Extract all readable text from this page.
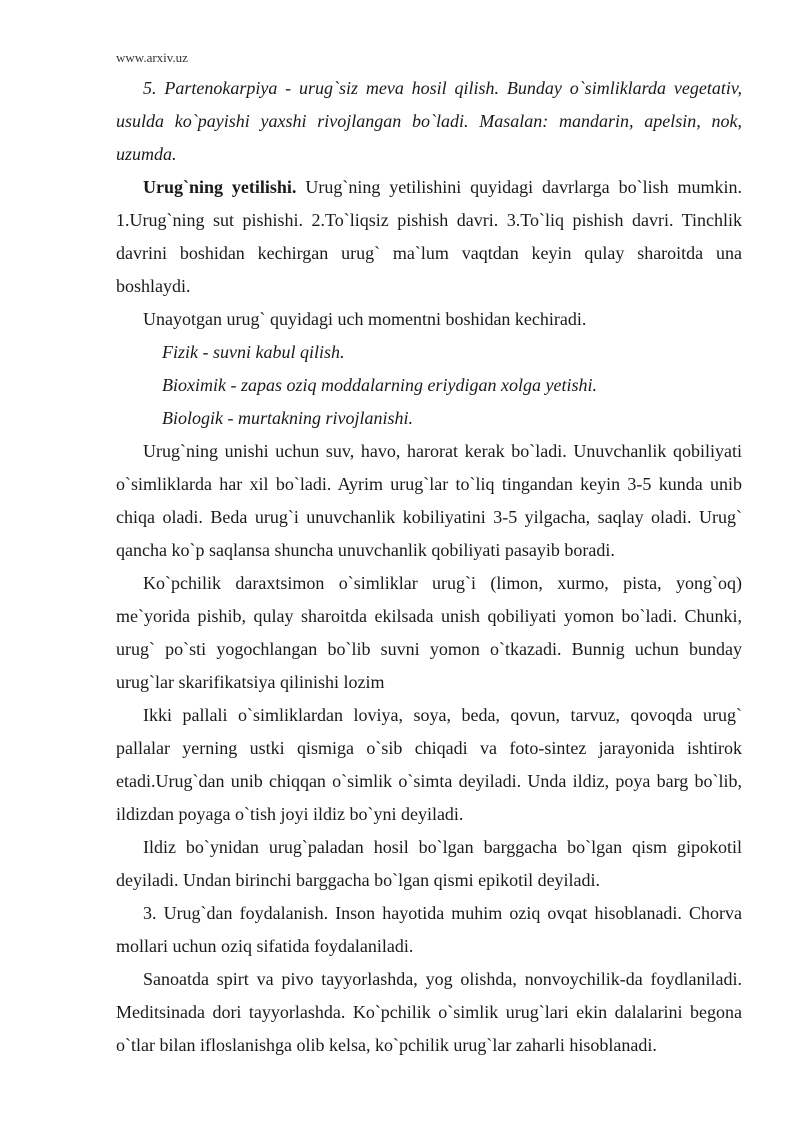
www.arxiv.uz

5. Partenokarpiya - urug`siz meva hosil qilish. Bunday o`simliklarda vegetativ, usulda ko`payishi yaxshi rivojlangan bo`ladi. Masalan: mandarin, apelsin, nok, uzumda.

Urug`ning yetilishi. Urug`ning yetilishini quyidagi davrlarga bo`lish mumkin. 1.Urug`ning sut pishishi. 2.To`liqsiz pishish davri. 3.To`liq pishish davri. Tinchlik davrini boshidan kechirgan urug` ma`lum vaqtdan keyin qulay sharoitda una boshlaydi.

Unayotgan urug` quyidagi uch momentni boshidan kechiradi.

Fizik - suvni kabul qilish.

Bioximik - zapas oziq moddalarning eriydigan xolga yetishi.

Biologik - murtakning rivojlanishi.

Urug`ning unishi uchun suv, havo, harorat kerak bo`ladi. Unuvchanlik qobiliyati o`simliklarda har xil bo`ladi. Ayrim urug`lar to`liq tingandan keyin 3-5 kunda unib chiqa oladi. Beda urug`i unuvchanlik kobiliyatini 3-5 yilgacha, saqlay oladi. Urug` qancha ko`p saqlansa shuncha unuvchanlik qobiliyati pasayib boradi.

Ko`pchilik daraxtsimon o`simliklar urug`i (limon, xurmo, pista, yong`oq) me`yorida pishib, qulay sharoitda ekilsada unish qobiliyati yomon bo`ladi. Chunki, urug` po`sti yogochlangan bo`lib suvni yomon o`tkazadi. Bunnig uchun bunday urug`lar skarifikatsiya qilinishi lozim

Ikki pallali o`simliklardan loviya, soya, beda, qovun, tarvuz, qovoqda urug` pallalar yerning ustki qismiga o`sib chiqadi va foto-sintez jarayonida ishtirok etadi.Urug`dan unib chiqqan o`simlik o`simta deyiladi. Unda ildiz, poya barg bo`lib, ildizdan poyaga o`tish joyi ildiz bo`yni deyiladi.

Ildiz bo`ynidan urug`paladan hosil bo`lgan barggacha bo`lgan qism gipokotil deyiladi. Undan birinchi barggacha bo`lgan qismi epikotil deyiladi.

3. Urug`dan foydalanish. Inson hayotida muhim oziq ovqat hisoblanadi. Chorva mollari uchun oziq sifatida foydalaniladi.

Sanoatda spirt va pivo tayyorlashda, yog olishda, nonvoychilik-da foydlaniladi. Meditsinada dori tayyorlashda. Ko`pchilik o`simlik urug`lari ekin dalalarini begona o`tlar bilan ifloslanishga olib kelsa, ko`pchilik urug`lar zaharli hisoblanadi.
